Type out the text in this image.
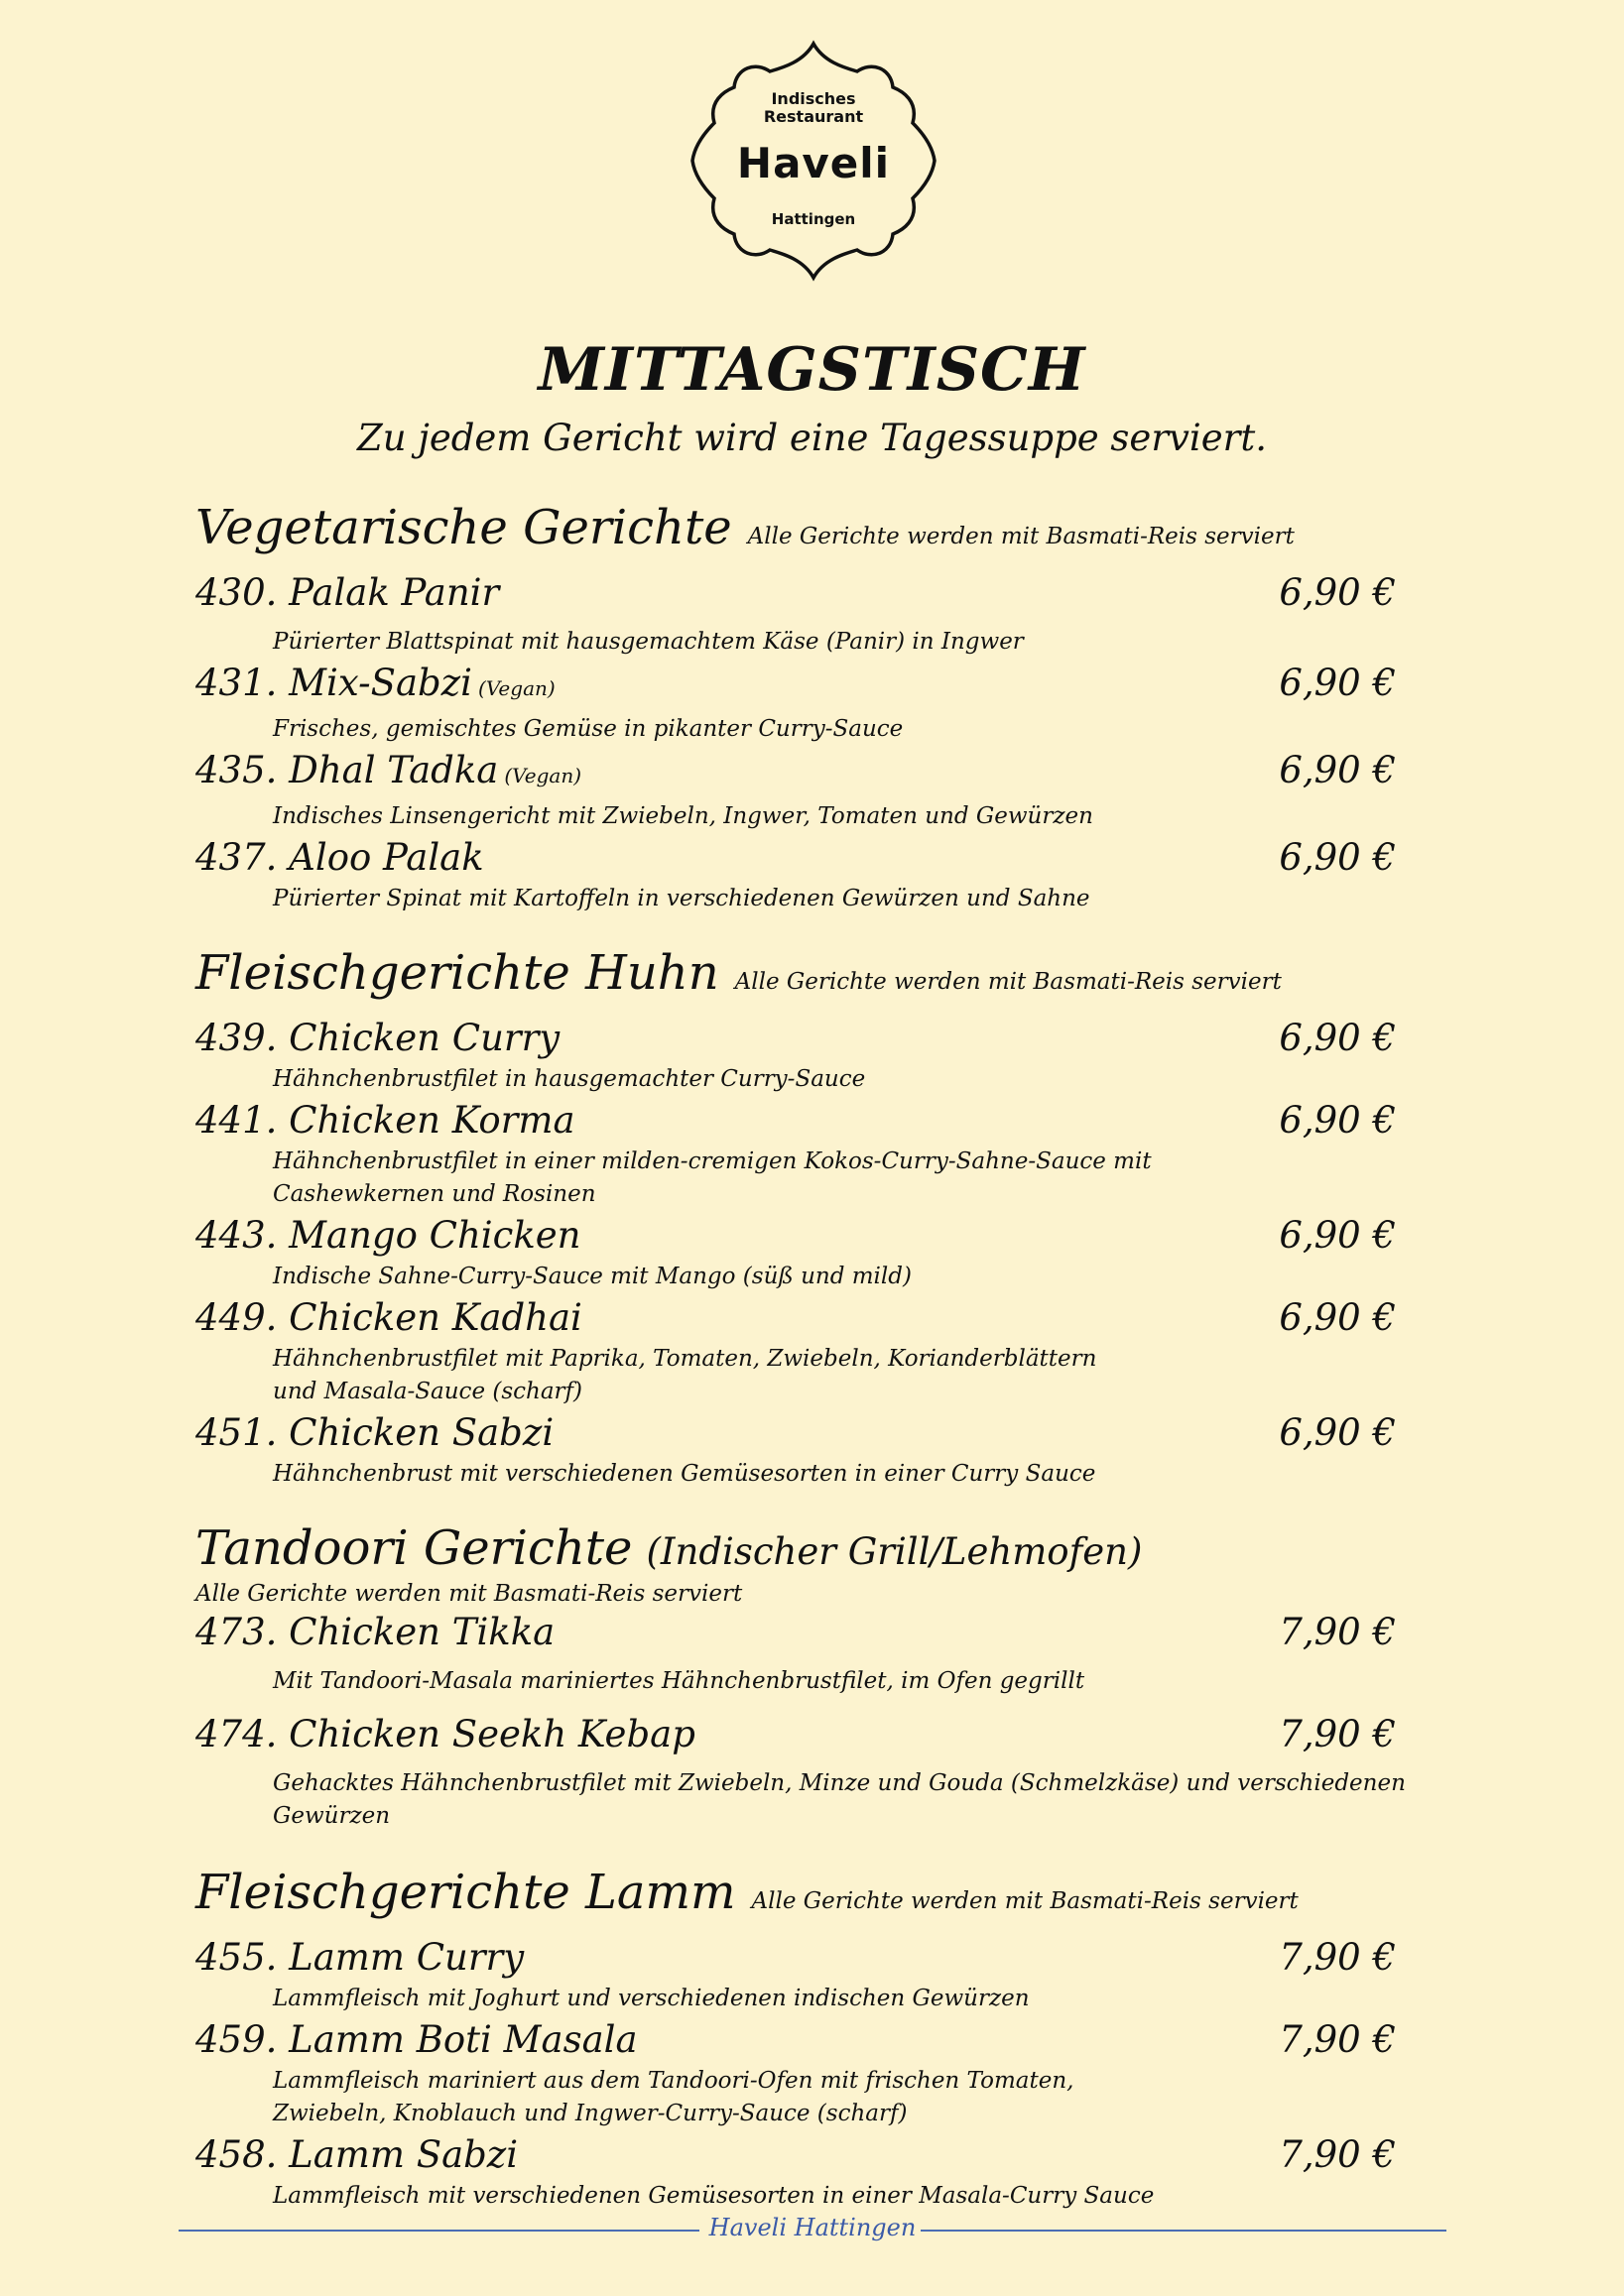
Indisches
Restaurant
Haveli
Hattingen
MITTAGSTISCH
Zu jedem Gericht wird eine Tagessuppe serviert.
Vegetarische Gerichte Alle Gerichte werden mit Basmati-Reis serviert
430. Palak Panir	6,90 €
Pürierter Blattspinat mit hausgemachtem Käse (Panir) in Ingwer
431. Mix-Sabzi (Vegan)	6,90 €
Frisches, gemischtes Gemüse in pikanter Curry-Sauce
435. Dhal Tadka (Vegan)	6,90 €
Indisches Linsengericht mit Zwiebeln, Ingwer, Tomaten und Gewürzen
437. Aloo Palak	6,90 €
Pürierter Spinat mit Kartoffeln in verschiedenen Gewürzen und Sahne
Fleischgerichte Huhn Alle Gerichte werden mit Basmati-Reis serviert
439. Chicken Curry	6,90 €
Hähnchenbrustfilet in hausgemachter Curry-Sauce
441. Chicken Korma	6,90 €
Hähnchenbrustfilet in einer milden-cremigen Kokos-Curry-Sahne-Sauce mit
Cashewkernen und Rosinen
443. Mango Chicken	6,90 €
Indische Sahne-Curry-Sauce mit Mango (süß und mild)
449. Chicken Kadhai	6,90 €
Hähnchenbrustfilet mit Paprika, Tomaten, Zwiebeln, Korianderblättern
und Masala-Sauce (scharf)
451. Chicken Sabzi	6,90 €
Hähnchenbrust mit verschiedenen Gemüsesorten in einer Curry Sauce
Tandoori Gerichte (Indischer Grill/Lehmofen)
Alle Gerichte werden mit Basmati-Reis serviert
473. Chicken Tikka	7,90 €
Mit Tandoori-Masala mariniertes Hähnchenbrustfilet, im Ofen gegrillt
474. Chicken Seekh Kebap	7,90 €
Gehacktes Hähnchenbrustfilet mit Zwiebeln, Minze und Gouda (Schmelzkäse) und verschiedenen Gewürzen
Fleischgerichte Lamm Alle Gerichte werden mit Basmati-Reis serviert
455. Lamm Curry	7,90 €
Lammfleisch mit Joghurt und verschiedenen indischen Gewürzen
459. Lamm Boti Masala	7,90 €
Lammfleisch mariniert aus dem Tandoori-Ofen mit frischen Tomaten,
Zwiebeln, Knoblauch und Ingwer-Curry-Sauce (scharf)
458. Lamm Sabzi	7,90 €
Lammfleisch mit verschiedenen Gemüsesorten in einer Masala-Curry Sauce
Haveli Hattingen
